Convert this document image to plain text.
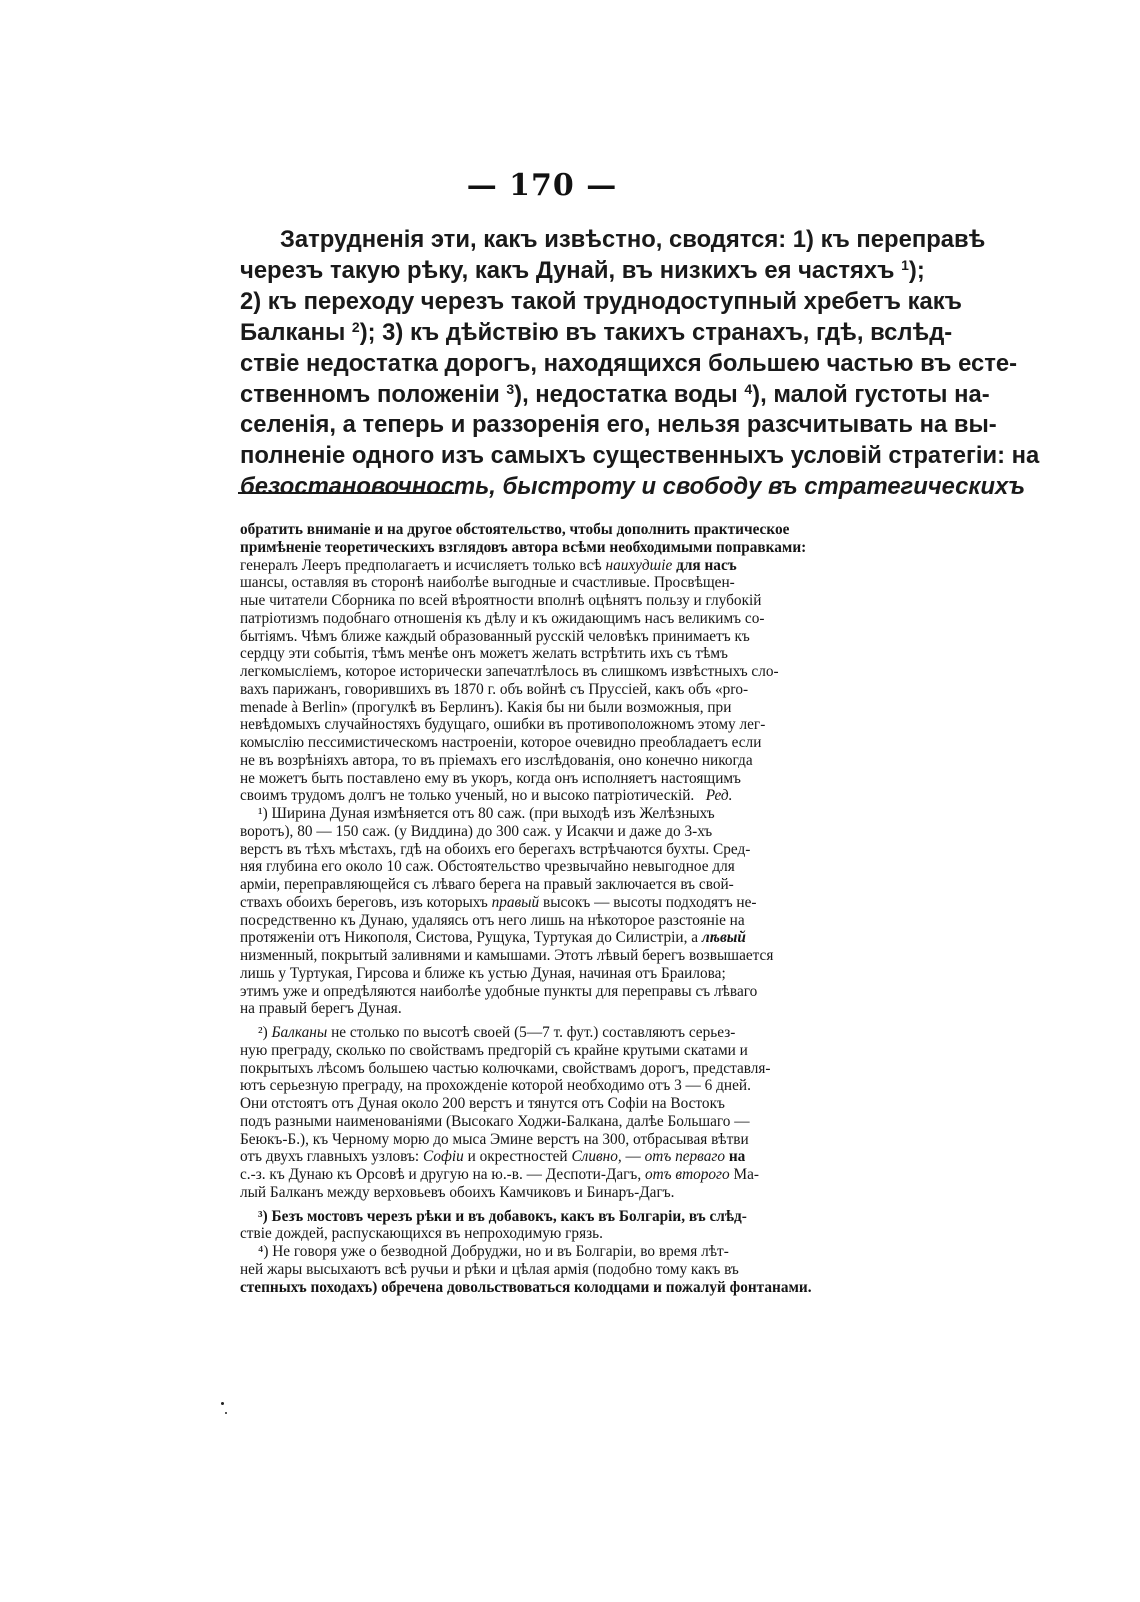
— 170 —
Затрудненія эти, какъ извѣстно, сводятся: 1) къ переправѣ
черезъ такую рѣку, какъ Дунай, въ низкихъ ея частяхъ $^1$);
2) къ переходу черезъ такой труднодоступный хребетъ какъ
Балканы $^2$); 3) къ дѣйствію въ такихъ странахъ, гдѣ, вслѣд-
ствіе недостатка дорогъ, находящихся большею частью въ есте-
ственномъ положеніи $^3$), недостатка воды $^4$), малой густоты на-
селенія, а теперь и раззоренія его, нельзя разсчитывать на вы-
полненіе одного изъ самыхъ существенныхъ условій стратегіи: на
безостановочность, быстроту и свободу въ стратегическихъ
обратить вниманіе и на другое обстоятельство, чтобы дополнить практическое
примѣненіе теоретическихъ взглядовъ автора всѣми необходимыми поправками:
генералъ Лееръ предполагаетъ и исчисляетъ только всѣ наихудшіе для насъ
шансы, оставляя въ сторонѣ наиболѣе выгодные и счастливые. Просвѣщен-
ные читатели Сборника по всей вѣроятности вполнѣ оцѣнятъ пользу и глубокій
патріотизмъ подобнаго отношенія къ дѣлу и къ ожидающимъ насъ великимъ со-
бытіямъ. Чѣмъ ближе каждый образованный русскій человѣкъ принимаетъ къ
сердцу эти событія, тѣмъ менѣе онъ можетъ желать встрѣтить ихъ съ тѣмъ
легкомысліемъ, которое исторически запечатлѣлось въ слишкомъ извѣстныхъ сло-
вахъ парижанъ, говорившихъ въ 1870 г. объ войнѣ съ Пруссіей, какъ объ «pro-
menade à Berlin» (прогулкѣ въ Берлинъ). Какія бы ни были возможныя, при
невѣдомыхъ случайностяхъ будущаго, ошибки въ противоположномъ этому лег-
комыслію пессимистическомъ настроеніи, которое очевидно преобладаетъ если
не въ возрѣніяхъ автора, то въ пріемахъ его изслѣдованія, оно конечно никогда
не можетъ быть поставлено ему въ укоръ, когда онъ исполняетъ настоящимъ
своимъ трудомъ долгъ не только ученый, но и высоко патріотическій. Ред.
¹) Ширина Дуная измѣняется отъ 80 саж. (при выходѣ изъ Желѣзныхъ
воротъ), 80 — 150 саж. (у Виддина) до 300 саж. у Исакчи и даже до 3-хъ
верстъ въ тѣхъ мѣстахъ, гдѣ на обоихъ его берегахъ встрѣчаются бухты. Сред-
няя глубина его около 10 саж. Обстоятельство чрезвычайно невыгодное для
арміи, переправляющейся съ лѣваго берега на правый заключается въ свой-
ствахъ обоихъ береговъ, изъ которыхъ правый высокъ — высоты подходятъ не-
посредственно къ Дунаю, удаляясь отъ него лишь на нѣкоторое разстояніе на
протяженіи отъ Никополя, Систова, Рущука, Туртукая до Силистріи, а лѣвый
низменный, покрытый заливнями и камышами. Этотъ лѣвый берегъ возвышается
лишь у Туртукая, Гирсова и ближе къ устью Дуная, начиная отъ Браилова;
этимъ уже и опредѣляются наиболѣе удобные пункты для переправы съ лѣваго
на правый берегъ Дуная.
²) Балканы не столько по высотѣ своей (5—7 т. фут.) составляютъ серьез-
ную преграду, сколько по свойствамъ предгорій съ крайне крутыми скатами и
покрытыхъ лѣсомъ большею частью колючками, свойствамъ дорогъ, представля-
ютъ серьезную преграду, на прохожденіе которой необходимо отъ 3 — 6 дней.
Они отстоятъ отъ Дуная около 200 верстъ и тянутся отъ Софіи на Востокъ
подъ разными наименованіями (Высокаго Ходжи-Балкана, далѣе Большаго —
Беюкъ-Б.), къ Черному морю до мыса Эмине верстъ на 300, отбрасывая вѣтви
отъ двухъ главныхъ узловъ: Софіи и окрестностей Сливно, — отъ перваго на
с.-з. къ Дунаю къ Орсовѣ и другую на ю.-в. — Деспоти-Дагъ, отъ второго Ма-
лый Балканъ между верховьевъ обоихъ Камчиковъ и Бинаръ-Дагъ.
³) Безъ мостовъ черезъ рѣки и въ добавокъ, какъ въ Болгаріи, въ слѣд-
ствіе дождей, распускающихся въ непроходимую грязь.
⁴) Не говоря уже о безводной Добруджи, но и въ Болгаріи, во время лѣт-
ней жары высыхаютъ всѣ ручьи и рѣки и цѣлая армія (подобно тому какъ въ
степныхъ походахъ) обречена довольствоваться колодцами и пожалуй фонтанами.
